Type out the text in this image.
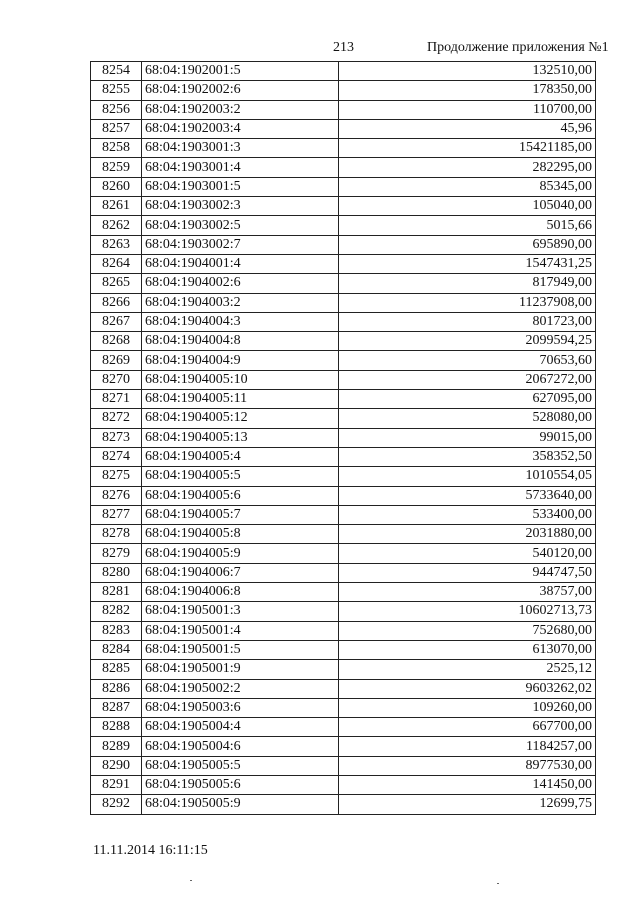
213	Продолжение приложения №1
8254	68:04:1902001:5	132510,00
8255	68:04:1902002:6	178350,00
8256	68:04:1902003:2	110700,00
8257	68:04:1902003:4	45,96
8258	68:04:1903001:3	15421185,00
8259	68:04:1903001:4	282295,00
8260	68:04:1903001:5	85345,00
8261	68:04:1903002:3	105040,00
8262	68:04:1903002:5	5015,66
8263	68:04:1903002:7	695890,00
8264	68:04:1904001:4	1547431,25
8265	68:04:1904002:6	817949,00
8266	68:04:1904003:2	11237908,00
8267	68:04:1904004:3	801723,00
8268	68:04:1904004:8	2099594,25
8269	68:04:1904004:9	70653,60
8270	68:04:1904005:10	2067272,00
8271	68:04:1904005:11	627095,00
8272	68:04:1904005:12	528080,00
8273	68:04:1904005:13	99015,00
8274	68:04:1904005:4	358352,50
8275	68:04:1904005:5	1010554,05
8276	68:04:1904005:6	5733640,00
8277	68:04:1904005:7	533400,00
8278	68:04:1904005:8	2031880,00
8279	68:04:1904005:9	540120,00
8280	68:04:1904006:7	944747,50
8281	68:04:1904006:8	38757,00
8282	68:04:1905001:3	10602713,73
8283	68:04:1905001:4	752680,00
8284	68:04:1905001:5	613070,00
8285	68:04:1905001:9	2525,12
8286	68:04:1905002:2	9603262,02
8287	68:04:1905003:6	109260,00
8288	68:04:1905004:4	667700,00
8289	68:04:1905004:6	1184257,00
8290	68:04:1905005:5	8977530,00
8291	68:04:1905005:6	141450,00
8292	68:04:1905005:9	12699,75
11.11.2014 16:11:15
